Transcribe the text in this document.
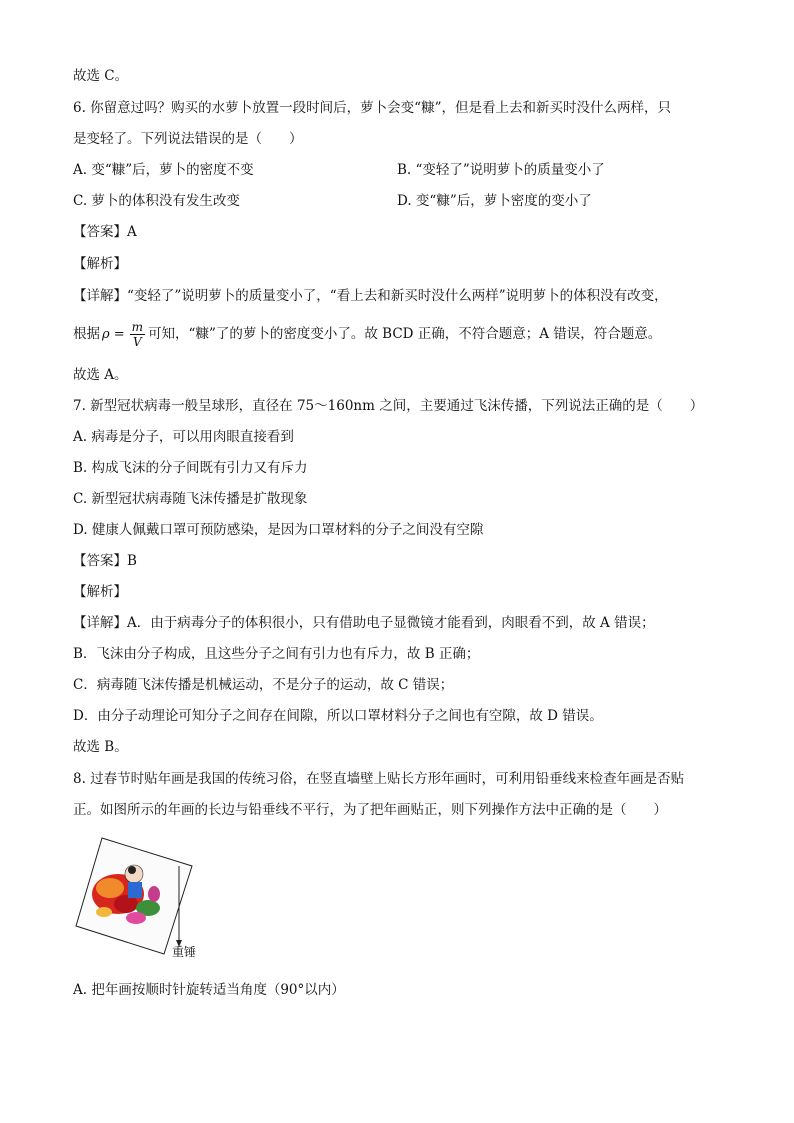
故选 C。
6. 你留意过吗？购买的水萝卜放置一段时间后，萝卜会变“糠”，但是看上去和新买时没什么两样，只
是变轻了。下列说法错误的是（　　）
A. 变“糠”后，萝卜的密度不变	B. “变轻了”说明萝卜的质量变小了
C. 萝卜的体积没有发生改变	D. 变“糠”后，萝卜密度的变小了
【答案】A
【解析】
【详解】“变轻了”说明萝卜的质量变小了，“看上去和新买时没什么两样”说明萝卜的体积没有改变，
根据 $\rho = \frac{m}{V}$ 可知，“糠”了的萝卜的密度变小了。故 BCD 正确，不符合题意；A 错误，符合题意。
故选 A。
7. 新型冠状病毒一般呈球形，直径在 75～160nm 之间，主要通过飞沫传播，下列说法正确的是（　　）
A. 病毒是分子，可以用肉眼直接看到
B. 构成飞沫的分子间既有引力又有斥力
C. 新型冠状病毒随飞沫传播是扩散现象
D. 健康人佩戴口罩可预防感染，是因为口罩材料的分子之间没有空隙
【答案】B
【解析】
【详解】A．由于病毒分子的体积很小，只有借助电子显微镜才能看到，肉眼看不到，故 A 错误；
B．飞沫由分子构成，且这些分子之间有引力也有斥力，故 B 正确；
C．病毒随飞沫传播是机械运动，不是分子的运动，故 C 错误；
D．由分子动理论可知分子之间存在间隙，所以口罩材料分子之间也有空隙，故 D 错误。
故选 B。
8. 过春节时贴年画是我国的传统习俗，在竖直墙壁上贴长方形年画时，可利用铅垂线来检查年画是否贴
正。如图所示的年画的长边与铅垂线不平行，为了把年画贴正，则下列操作方法中正确的是（　　）
重锤
A. 把年画按顺时针旋转适当角度（90°以内）
